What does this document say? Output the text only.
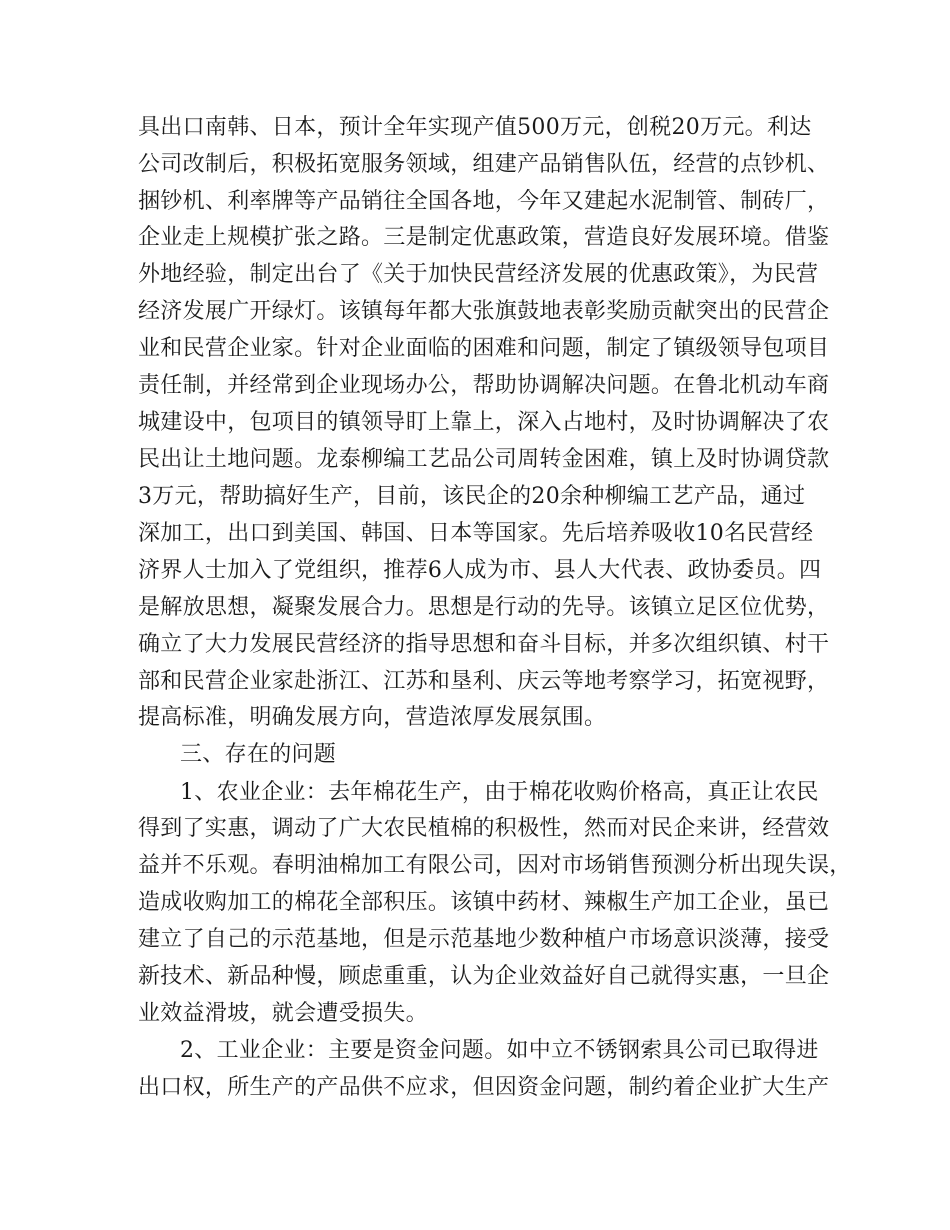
具出口南韩、日本，预计全年实现产值500万元，创税20万元。利达
公司改制后，积极拓宽服务领域，组建产品销售队伍，经营的点钞机、
捆钞机、利率牌等产品销往全国各地，今年又建起水泥制管、制砖厂，
企业走上规模扩张之路。三是制定优惠政策，营造良好发展环境。借鉴
外地经验，制定出台了《关于加快民营经济发展的优惠政策》，为民营
经济发展广开绿灯。该镇每年都大张旗鼓地表彰奖励贡献突出的民营企
业和民营企业家。针对企业面临的困难和问题，制定了镇级领导包项目
责任制，并经常到企业现场办公，帮助协调解决问题。在鲁北机动车商
城建设中，包项目的镇领导盯上靠上，深入占地村，及时协调解决了农
民出让土地问题。龙泰柳编工艺品公司周转金困难，镇上及时协调贷款
3万元，帮助搞好生产，目前，该民企的20余种柳编工艺产品，通过
深加工，出口到美国、韩国、日本等国家。先后培养吸收10名民营经
济界人士加入了党组织，推荐6人成为市、县人大代表、政协委员。四
是解放思想，凝聚发展合力。思想是行动的先导。该镇立足区位优势，
确立了大力发展民营经济的指导思想和奋斗目标，并多次组织镇、村干
部和民营企业家赴浙江、江苏和垦利、庆云等地考察学习，拓宽视野，
提高标准，明确发展方向，营造浓厚发展氛围。
三、存在的问题
1、农业企业：去年棉花生产，由于棉花收购价格高，真正让农民
得到了实惠，调动了广大农民植棉的积极性，然而对民企来讲，经营效
益并不乐观。春明油棉加工有限公司，因对市场销售预测分析出现失误，
造成收购加工的棉花全部积压。该镇中药材、辣椒生产加工企业，虽已
建立了自己的示范基地，但是示范基地少数种植户市场意识淡薄，接受
新技术、新品种慢，顾虑重重，认为企业效益好自己就得实惠，一旦企
业效益滑坡，就会遭受损失。
2、工业企业：主要是资金问题。如中立不锈钢索具公司已取得进
出口权，所生产的产品供不应求，但因资金问题，制约着企业扩大生产
